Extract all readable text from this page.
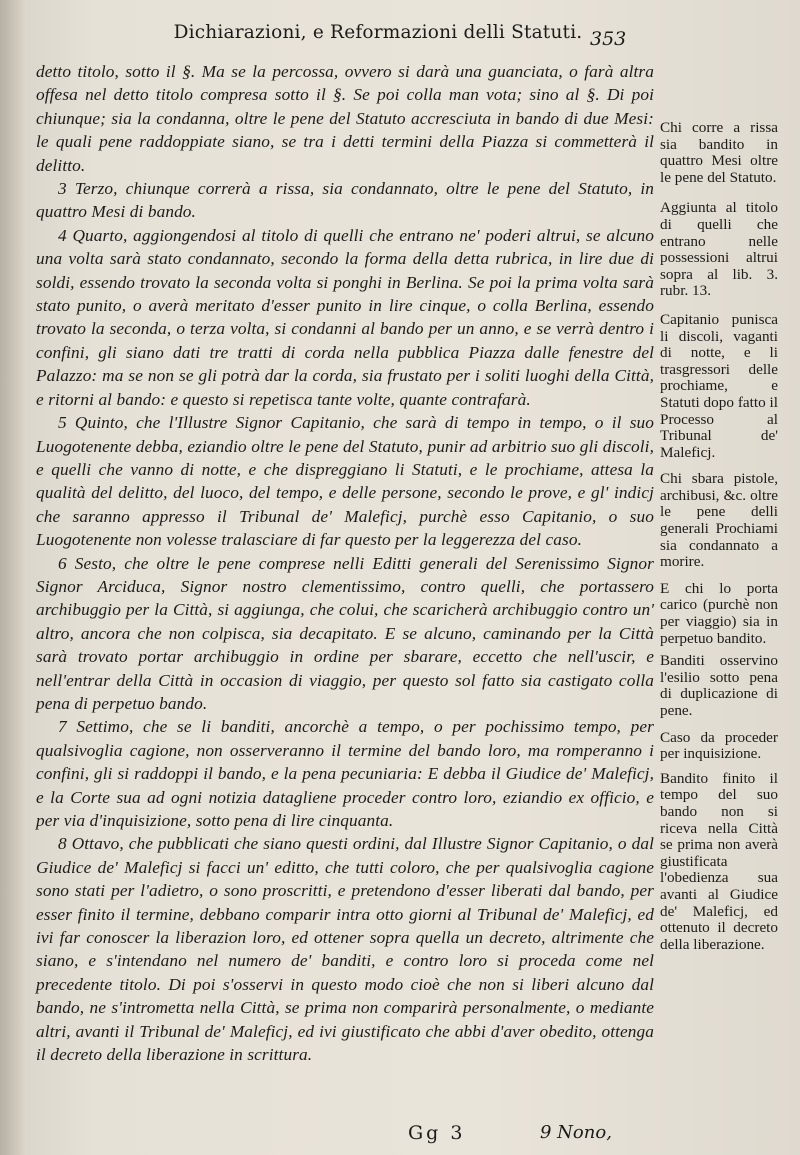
Dichiarazioni, e Reformazioni delli Statuti. 353

detto titolo, sotto il §. Ma se la percossa, ovvero si darà una guanciata, o farà altra offesa nel detto titolo compresa sotto il §. Se poi colla man vota; sino al §. Di poi chiunque; sia la condanna, oltre le pene del Statuto accresciuta in bando di due Mesi: le quali pene raddoppiate siano, se tra i detti termini della Piazza si commetterà il delitto.

3 Terzo, chiunque correrà a rissa, sia condannato, oltre le pene del Statuto, in quattro Mesi di bando.

4 Quarto, aggiongendosi al titolo di quelli che entrano ne' poderi altrui, se alcuno una volta sarà stato condannato, secondo la forma della detta rubrica, in lire due di soldi, essendo trovato la seconda volta si ponghi in Berlina. Se poi la prima volta sarà stato punito, o averà meritato d'esser punito in lire cinque, o colla Berlina, essendo trovato la seconda, o terza volta, si condanni al bando per un anno, e se verrà dentro i confini, gli siano dati tre tratti di corda nella pubblica Piazza dalle fenestre del Palazzo: ma se non se gli potrà dar la corda, sia frustato per i soliti luoghi della Città, e ritorni al bando: e questo si repetisca tante volte, quante contrafarà.

5 Quinto, che l'Illustre Signor Capitanio, che sarà di tempo in tempo, o il suo Luogotenente debba, eziandio oltre le pene del Statuto, punir ad arbitrio suo gli discoli, e quelli che vanno di notte, e che dispreggiano li Statuti, e le prochiame, attesa la qualità del delitto, del luoco, del tempo, e delle persone, secondo le prove, e gl' indicj che saranno appresso il Tribunal de' Maleficj, purchè esso Capitanio, o suo Luogotenente non volesse tralasciare di far questo per la leggerezza del caso.

6 Sesto, che oltre le pene comprese nelli Editti generali del Serenissimo Signor Signor Arciduca, Signor nostro clementissimo, contro quelli, che portassero archibuggio per la Città, si aggiunga, che colui, che scaricherà archibuggio contro un' altro, ancora che non colpisca, sia decapitato. E se alcuno, caminando per la Città sarà trovato portar archibuggio in ordine per sbarare, eccetto che nell'uscir, e nell'entrar della Città in occasion di viaggio, per questo sol fatto sia castigato colla pena di perpetuo bando.

7 Settimo, che se li banditi, ancorchè a tempo, o per pochissimo tempo, per qualsivoglia cagione, non osserveranno il termine del bando loro, ma romperanno i confini, gli si raddoppi il bando, e la pena pecuniaria: E debba il Giudice de' Maleficj, e la Corte sua ad ogni notizia datagliene proceder contro loro, eziandio ex officio, e per via d'inquisizione, sotto pena di lire cinquanta.

8 Ottavo, che pubblicati che siano questi ordini, dal Illustre Signor Capitanio, o dal Giudice de' Maleficj si facci un' editto, che tutti coloro, che per qualsivoglia cagione sono stati per l'adietro, o sono proscritti, e pretendono d'esser liberati dal bando, per esser finito il termine, debbano comparir intra otto giorni al Tribunal de' Maleficj, ed ivi far conoscer la liberazion loro, ed ottener sopra quella un decreto, altrimente che siano, e s'intendano nel numero de' banditi, e contro loro si proceda come nel precedente titolo. Di poi s'osservi in questo modo cioè che non si liberi alcuno dal bando, ne s'intrometta nella Città, se prima non comparirà personalmente, o mediante altri, avanti il Tribunal de' Maleficj, ed ivi giustificato che abbi d'aver obedito, ottenga il decreto della liberazione in scrittura.

Chi corre a rissa sia bandito in quattro Mesi oltre le pene del Statuto.
Aggiunta al titolo di quelli che entrano nelle possessioni altrui sopra al lib. 3. rubr. 13.
Capitanio punisca li discoli, vaganti di notte, e li trasgressori delle prochiame, e Statuti dopo fatto il Processo al Tribunal de' Maleficj.
Chi sbara pistole, archibusi, &c. oltre le pene delli generali Prochiami sia condannato a morire.
E chi lo porta carico (purchè non per viaggio) sia in perpetuo bandito.
Banditi osservino l'esilio sotto pena di duplicazione di pene.
Caso da proceder per inquisizione.
Bandito finito il tempo del suo bando non si riceva nella Città se prima non averà giustificata l'obedienza sua avanti al Giudice de' Maleficj, ed ottenuto il decreto della liberazione.
Gg 3	9 Nono,
